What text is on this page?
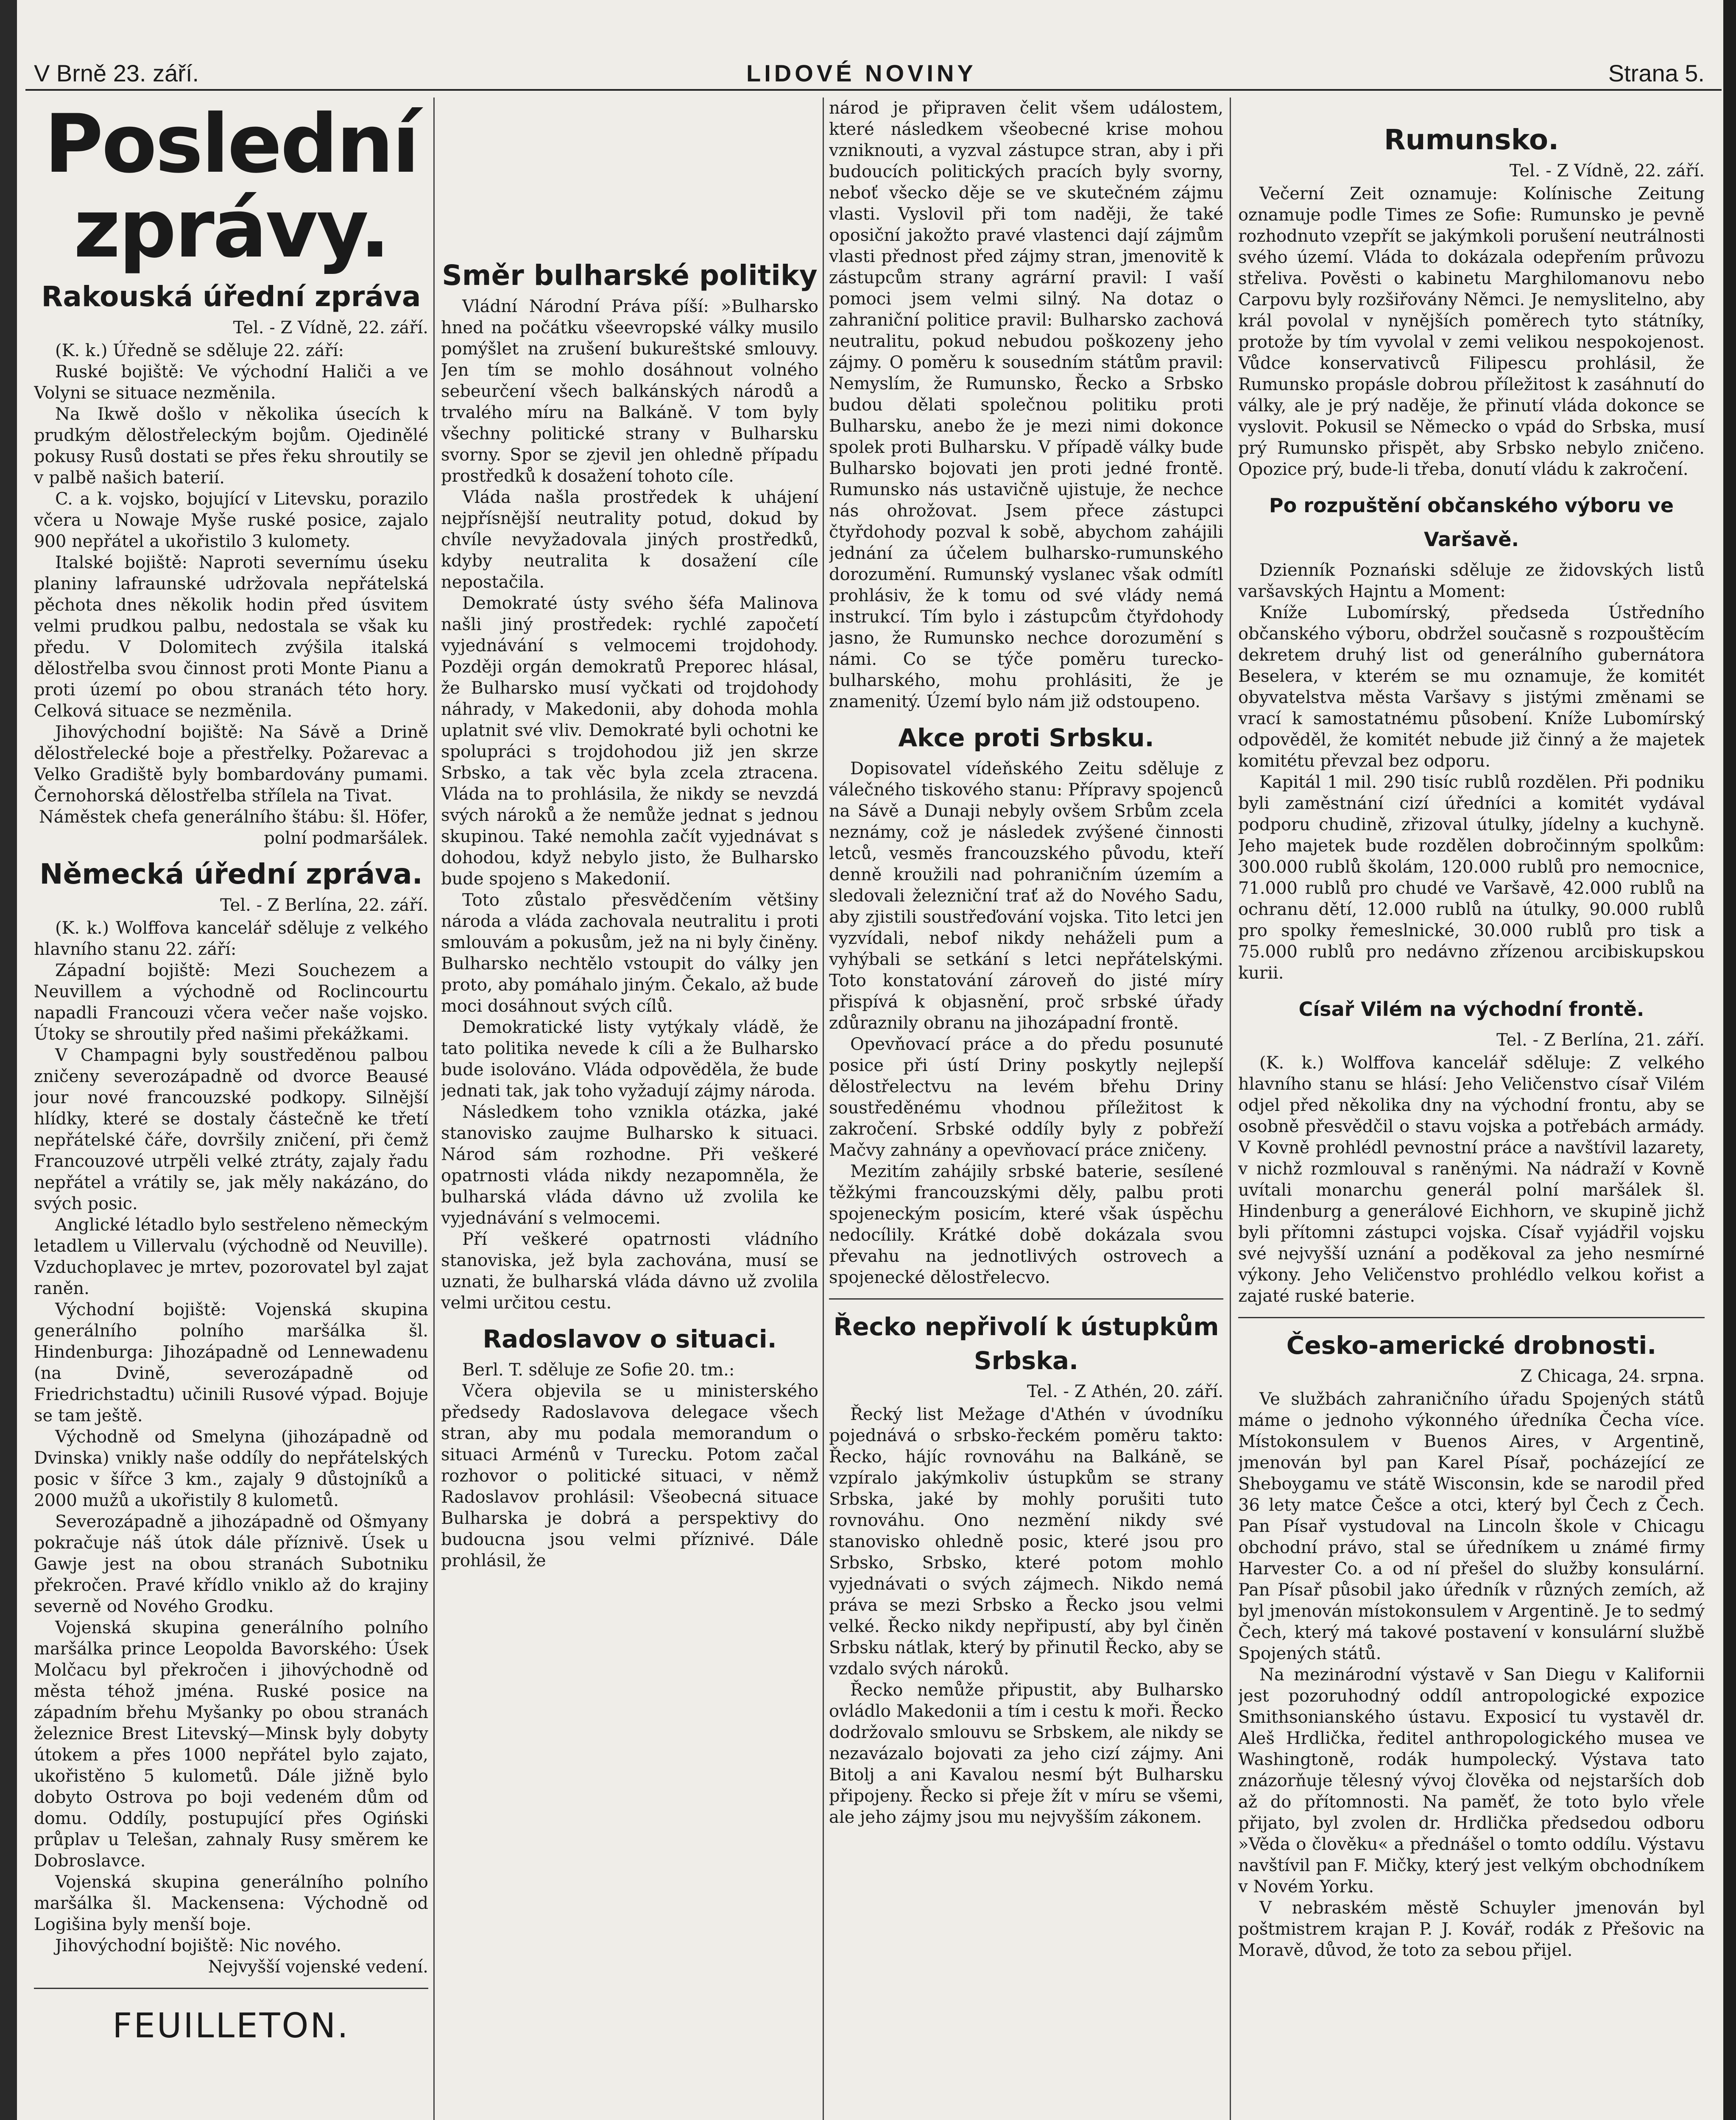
V Brně 23. září.	LIDOVÉ NOVINY	Strana 5.
Poslední zprávy.
Rakouská úřední zpráva
Tel. - Z Vídně, 22. září.

(K. k.) Úředně se sděluje 22. září:

Ruské bojiště: Ve východní Haliči a ve Volyni se situace nezměnila.

Na Ikwě došlo v několika úsecích k prudkým dělostřeleckým bojům. Ojedinělé pokusy Rusů dostati se přes řeku shroutily se v palbě našich baterií.

C. a k. vojsko, bojující v Litevsku, porazilo včera u Nowaje Myše ruské posice, zajalo 900 nepřátel a ukořistilo 3 kulomety.

Italské bojiště: Naproti severnímu úseku planiny lafraunské udržovala nepřátelská pěchota dnes několik hodin před úsvitem velmi prudkou palbu, nedostala se však ku předu. V Dolomitech zvýšila italská dělostřelba svou činnost proti Monte Pianu a proti území po obou stranách této hory. Celková situace se nezměnila.

Jihovýchodní bojiště: Na Sávě a Drině dělostřelecké boje a přestřelky. Požarevac a Velko Gradiště byly bombardovány pumami. Černohorská dělostřelba střílela na Tivat.

Náměstek chefa generálního štábu: šl. Höfer, polní podmaršálek.

Německá úřední zpráva.
Tel. - Z Berlína, 22. září.

(K. k.) Wolffova kancelář sděluje z velkého hlavního stanu 22. září:

Západní bojiště: Mezi Souchezem a Neuvillem a východně od Roclincourtu napadli Francouzi včera večer naše vojsko. Útoky se shroutily před našimi překážkami.

V Champagni byly soustředěnou palbou zničeny severozápadně od dvorce Beausé jour nové francouzské podkopy. Silnější hlídky, které se dostaly částečně ke třetí nepřátelské čáře, dovršily zničení, při čemž Francouzové utrpěli velké ztráty, zajaly řadu nepřátel a vrátily se, jak měly nakázáno, do svých posic.

Anglické létadlo bylo sestřeleno německým letadlem u Villervalu (východně od Neuville). Vzduchoplavec je mrtev, pozorovatel byl zajat raněn.

Východní bojiště: Vojenská skupina generálního polního maršálka šl. Hindenburga: Jihozápadně od Lennewadenu (na Dvině, severozápadně od Friedrichstadtu) učinili Rusové výpad. Bojuje se tam ještě.

Východně od Smelyna (jihozápadně od Dvinska) vnikly naše oddíly do nepřátelských posic v šířce 3 km., zajaly 9 důstojníků a 2000 mužů a ukořistily 8 kulometů.

Severozápadně a jihozápadně od Ošmyany pokračuje náš útok dále příznivě. Úsek u Gawje jest na obou stranách Subotniku překročen. Pravé křídlo vniklo až do krajiny severně od Nového Grodku.

Vojenská skupina generálního polního maršálka prince Leopolda Bavorského: Úsek Molčacu byl překročen i jihovýchodně od města téhož jména. Ruské posice na západním břehu Myšanky po obou stranách železnice Brest Litevský—Minsk byly dobyty útokem a přes 1000 nepřátel bylo zajato, ukořistěno 5 kulometů. Dále jižně bylo dobyto Ostrova po boji vedeném dům od domu. Oddíly, postupující přes Ogiński průplav u Telešan, zahnaly Rusy směrem ke Dobroslavce.

Vojenská skupina generálního polního maršálka šl. Mackensena: Východně od Logišina byly menší boje.

Jihovýchodní bojiště: Nic nového.

Nejvyšší vojenské vedení.

FEUILLETON.
Směr bulharské politiky

Vládní Národní Práva píší: »Bulharsko hned na počátku všeevropské války musilo pomýšlet na zrušení bukureštské smlouvy. Jen tím se mohlo dosáhnout volného sebeurčení všech balkánských národů a trvalého míru na Balkáně. V tom byly všechny politické strany v Bulharsku svorny. Spor se zjevil jen ohledně případu prostředků k dosažení tohoto cíle.

Vláda našla prostředek k uhájení nejpřísnější neutrality potud, dokud by chvíle nevyžadovala jiných prostředků, kdyby neutralita k dosažení cíle nepostačila.

Demokraté ústy svého šéfa Malinova našli jiný prostředek: rychlé započetí vyjednávání s velmocemi trojdohody. Později orgán demokratů Preporec hlásal, že Bulharsko musí vyčkati od trojdohody náhrady, v Makedonii, aby dohoda mohla uplatnit své vliv. Demokraté byli ochotni ke spolupráci s trojdohodou již jen skrze Srbsko, a tak věc byla zcela ztracena. Vláda na to prohlásila, že nikdy se nevzdá svých nároků a že nemůže jednat s jednou skupinou. Také nemohla začít vyjednávat s dohodou, když nebylo jisto, že Bulharsko bude spojeno s Makedonií.

Toto zůstalo přesvědčením většiny národa a vláda zachovala neutralitu i proti smlouvám a pokusům, jež na ni byly činěny. Bulharsko nechtělo vstoupit do války jen proto, aby pomáhalo jiným. Čekalo, až bude moci dosáhnout svých cílů.

Demokratické listy vytýkaly vládě, že tato politika nevede k cíli a že Bulharsko bude isolováno. Vláda odpověděla, že bude jednati tak, jak toho vyžadují zájmy národa.

Následkem toho vznikla otázka, jaké stanovisko zaujme Bulharsko k situaci. Národ sám rozhodne. Při veškeré opatrnosti vláda nikdy nezapomněla, že bulharská vláda dávno už zvolila ke vyjednávání s velmocemi.

Pří veškeré opatrnosti vládního stanoviska, jež byla zachována, musí se uznati, že bulharská vláda dávno už zvolila velmi určitou cestu.

Radoslavov o situaci.

Berl. T. sděluje ze Sofie 20. tm.:

Včera objevila se u ministerského předsedy Radoslavova delegace všech stran, aby mu podala memorandum o situaci Arménů v Turecku. Potom začal rozhovor o politické situaci, v němž Radoslavov prohlásil: Všeobecná situace Bulharska je dobrá a perspektivy do budoucna jsou velmi příznivé. Dále prohlásil, že

národ je připraven čelit všem událostem, které následkem všeobecné krise mohou vzniknouti, a vyzval zástupce stran, aby i při budoucích politických pracích byly svorny, neboť všecko děje se ve skutečném zájmu vlasti. Vyslovil při tom naději, že také oposiční jakožto pravé vlastenci dají zájmům vlasti přednost před zájmy stran, jmenovitě k zástupcům strany agrární pravil: I vaší pomoci jsem velmi silný. Na dotaz o zahraniční politice pravil: Bulharsko zachová neutralitu, pokud nebudou poškozeny jeho zájmy. O poměru k sousedním státům pravil: Nemyslím, že Rumunsko, Řecko a Srbsko budou dělati společnou politiku proti Bulharsku, anebo že je mezi nimi dokonce spolek proti Bulharsku. V případě války bude Bulharsko bojovati jen proti jedné frontě. Rumunsko nás ustavičně ujistuje, že nechce nás ohrožovat. Jsem přece zástupci čtyřdohody pozval k sobě, abychom zahájili jednání za účelem bulharsko-rumunského dorozumění. Rumunský vyslanec však odmítl prohlásiv, že k tomu od své vlády nemá instrukcí. Tím bylo i zástupcům čtyřdohody jasno, že Rumunsko nechce dorozumění s námi. Co se týče poměru turecko-bulharského, mohu prohlásiti, že je znamenitý. Území bylo nám již odstoupeno.

Akce proti Srbsku.

Dopisovatel vídeňského Zeitu sděluje z válečného tiskového stanu: Přípravy spojenců na Sávě a Dunaji nebyly ovšem Srbům zcela neznámy, což je následek zvýšené činnosti letců, vesměs francouzského původu, kteří denně kroužili nad pohraničním územím a sledovali železniční trať až do Nového Sadu, aby zjistili soustřeďování vojska. Tito letci jen vyzvídali, nebof nikdy neháželi pum a vyhýbali se setkání s letci nepřátelskými. Toto konstatování zároveň do jisté míry přispívá k objasnění, proč srbské úřady zdůraznily obranu na jihozápadní frontě.

Opevňovací práce a do předu posunuté posice při ústí Driny poskytly nejlepší dělostřelectvu na levém břehu Driny soustředěnému vhodnou příležitost k zakročení. Srbské oddíly byly z pobřeží Mačvy zahnány a opevňovací práce zničeny.

Mezitím zahájily srbské baterie, sesílené těžkými francouzskými děly, palbu proti spojeneckým posicím, které však úspěchu nedocílily. Krátké době dokázala svou převahu na jednotlivých ostrovech a spojenecké dělostřelecvo.

Řecko nepřivolí k ústupkům Srbska.
Tel. - Z Athén, 20. září.

Řecký list Mežage d'Athén v úvodníku pojednává o srbsko-řeckém poměru takto: Řecko, hájíc rovnováhu na Balkáně, se vzpíralo jakýmkoliv ústupkům se strany Srbska, jaké by mohly porušiti tuto rovnováhu. Ono nezmění nikdy své stanovisko ohledně posic, které jsou pro Srbsko, Srbsko, které potom mohlo vyjednávati o svých zájmech. Nikdo nemá práva se mezi Srbsko a Řecko jsou velmi velké. Řecko nikdy nepřipustí, aby byl činěn Srbsku nátlak, který by přinutil Řecko, aby se vzdalo svých nároků.

Řecko nemůže připustit, aby Bulharsko ovládlo Makedonii a tím i cestu k moři. Řecko dodržovalo smlouvu se Srbskem, ale nikdy se nezavázalo bojovati za jeho cizí zájmy. Ani Bitolj a ani Kavalou nesmí být Bulharsku připojeny. Řecko si přeje žít v míru se všemi, ale jeho zájmy jsou mu nejvyšším zákonem.

Rumunsko.
Tel. - Z Vídně, 22. září.

Večerní Zeit oznamuje: Kolínische Zeitung oznamuje podle Times ze Sofie: Rumunsko je pevně rozhodnuto vzepřít se jakýmkoli porušení neutrálnosti svého území. Vláda to dokázala odepřením průvozu střeliva. Pověsti o kabinetu Marghilomanovu nebo Carpovu byly rozšiřovány Němci. Je nemyslitelno, aby král povolal v nynějších poměrech tyto státníky, protože by tím vyvolal v zemi velikou nespokojenost. Vůdce konservativců Filipescu prohlásil, že Rumunsko propásle dobrou příležitost k zasáhnutí do války, ale je prý naděje, že přinutí vláda dokonce se vyslovit. Pokusil se Německo o vpád do Srbska, musí prý Rumunsko přispět, aby Srbsko nebylo zničeno. Opozice prý, bude-li třeba, donutí vládu k zakročení.

Po rozpuštění občanského výboru ve Varšavě.

Dzienník Poznański sděluje ze židovských listů varšavských Hajntu a Moment:

Kníže Lubomírský, předseda Ústředního občanského výboru, obdržel současně s rozpouštěcím dekretem druhý list od generálního gubernátora Beselera, v kterém se mu oznamuje, že komitét obyvatelstva města Varšavy s jistými změnami se vrací k samostatnému působení. Kníže Lubomírský odpověděl, že komitét nebude již činný a že majetek komitétu převzal bez odporu.

Kapitál 1 mil. 290 tisíc rublů rozdělen. Při podniku byli zaměstnání cizí úředníci a komitét vydával podporu chudině, zřizoval útulky, jídelny a kuchyně. Jeho majetek bude rozdělen dobročinným spolkům: 300.000 rublů školám, 120.000 rublů pro nemocnice, 71.000 rublů pro chudé ve Varšavě, 42.000 rublů na ochranu dětí, 12.000 rublů na útulky, 90.000 rublů pro spolky řemeslnické, 30.000 rublů pro tisk a 75.000 rublů pro nedávno zřízenou arcibiskupskou kurii.

Císař Vilém na východní frontě.
Tel. - Z Berlína, 21. září.

(K. k.) Wolffova kancelář sděluje: Z velkého hlavního stanu se hlásí: Jeho Veličenstvo císař Vilém odjel před několika dny na východní frontu, aby se osobně přesvědčil o stavu vojska a potřebách armády. V Kovně prohlédl pevnostní práce a navštívil lazarety, v nichž rozmlouval s raněnými. Na nádraží v Kovně uvítali monarchu generál polní maršálek šl. Hindenburg a generálové Eichhorn, ve skupině jichž byli přítomni zástupci vojska. Císař vyjádřil vojsku své nejvyšší uznání a poděkoval za jeho nesmírné výkony. Jeho Veličenstvo prohlédlo velkou kořist a zajaté ruské baterie.

Česko-americké drobnosti.
Z Chicaga, 24. srpna.

Ve službách zahraničního úřadu Spojených států máme o jednoho výkonného úředníka Čecha více. Místokonsulem v Buenos Aires, v Argentině, jmenován byl pan Karel Písař, pocházející ze Sheboygamu ve státě Wisconsin, kde se narodil před 36 lety matce Češce a otci, který byl Čech z Čech. Pan Písař vystudoval na Lincoln škole v Chicagu obchodní právo, stal se úředníkem u známé firmy Harvester Co. a od ní přešel do služby konsulární. Pan Písař působil jako úředník v různých zemích, až byl jmenován místokonsulem v Argentině. Je to sedmý Čech, který má takové postavení v konsulární službě Spojených států.

Na mezinárodní výstavě v San Diegu v Kalifornii jest pozoruhodný oddíl antropologické expozice Smithsonianského ústavu. Exposicí tu vystavěl dr. Aleš Hrdlička, ředitel anthropologického musea ve Washingtoně, rodák humpolecký. Výstava tato znázorňuje tělesný vývoj člověka od nejstarších dob až do přítomnosti. Na paměť, že toto bylo vřele přijato, byl zvolen dr. Hrdlička předsedou odboru »Věda o člověku« a přednášel o tomto oddílu. Výstavu navštívil pan F. Mičky, který jest velkým obchodníkem v Novém Yorku.

V nebraském městě Schuyler jmenován byl poštmistrem krajan P. J. Kovář, rodák z Přešovic na Moravě, důvod, že toto za sebou přijel.
